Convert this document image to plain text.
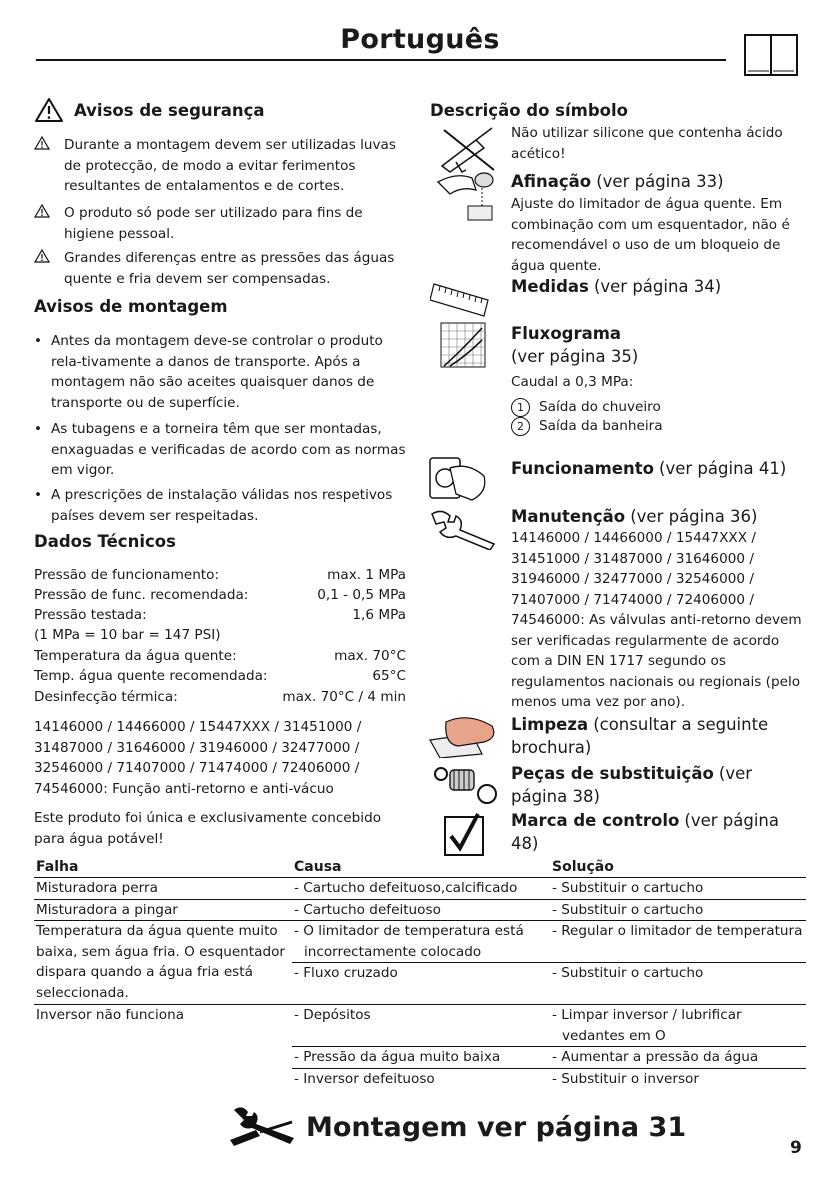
Português
Avisos de segurança
Durante a montagem devem ser utilizadas luvas de protecção, de modo a evitar ferimentos resultantes de entalamentos e de cortes.
O produto só pode ser utilizado para fins de higiene pessoal.
Grandes diferenças entre as pressões das águas quente e fria devem ser compensadas.
Avisos de montagem
• Antes da montagem deve-se controlar o produto rela-tivamente a danos de transporte. Após a montagem não são aceites quaisquer danos de transporte ou de superfície.
• As tubagens e a torneira têm que ser montadas, enxaguadas e verificadas de acordo com as normas em vigor.
• A prescrições de instalação válidas nos respetivos países devem ser respeitadas.
Dados Técnicos
Pressão de funcionamento:	max. 1 MPa
Pressão de func. recomendada:	0,1 - 0,5 MPa
Pressão testada:	1,6 MPa
(1 MPa = 10 bar = 147 PSI)
Temperatura da água quente:	max. 70°C
Temp. água quente recomendada:	65°C
Desinfecção térmica:	max. 70°C / 4 min
14146000 / 14466000 / 15447XXX / 31451000 / 31487000 / 31646000 / 31946000 / 32477000 / 32546000 / 71407000 / 71474000 / 72406000 / 74546000: Função anti-retorno e anti-vácuo
Este produto foi única e exclusivamente concebido para água potável!
Descrição do símbolo
Não utilizar silicone que contenha ácido acético!
Afinação (ver página 33)
Ajuste do limitador de água quente. Em combinação com um esquentador, não é recomendável o uso de um bloqueio de água quente.
Medidas (ver página 34)
Fluxograma
(ver página 35)
Caudal a 0,3 MPa:
1	Saída do chuveiro
2	Saída da banheira
Funcionamento (ver página 41)
Manutenção (ver página 36)
14146000 / 14466000 / 15447XXX / 31451000 / 31487000 / 31646000 / 31946000 / 32477000 / 32546000 / 71407000 / 71474000 / 72406000 / 74546000: As válvulas anti-retorno devem ser verificadas regularmente de acordo com a DIN EN 1717 segundo os regulamentos nacionais ou regionais (pelo menos uma vez por ano).
Limpeza (consultar a seguinte brochura)
Peças de substituição (ver página 38)
Marca de controlo (ver página 48)
Falha	Causa	Solução
Misturadora perra	- Cartucho defeituoso,calcificado	- Substituir o cartucho
Misturadora a pingar	- Cartucho defeituoso	- Substituir o cartucho
Temperatura da água quente muito baixa, sem água fria. O esquentador dispara quando a água fria está seleccionada.	- O limitador de temperatura está incorrectamente colocado	- Regular o limitador de temperatura
	- Fluxo cruzado	- Substituir o cartucho
Inversor não funciona	- Depósitos	- Limpar inversor / lubrificar vedantes em O
	- Pressão da água muito baixa	- Aumentar a pressão da água
	- Inversor defeituoso	- Substituir o inversor
Montagem ver página 31
9
